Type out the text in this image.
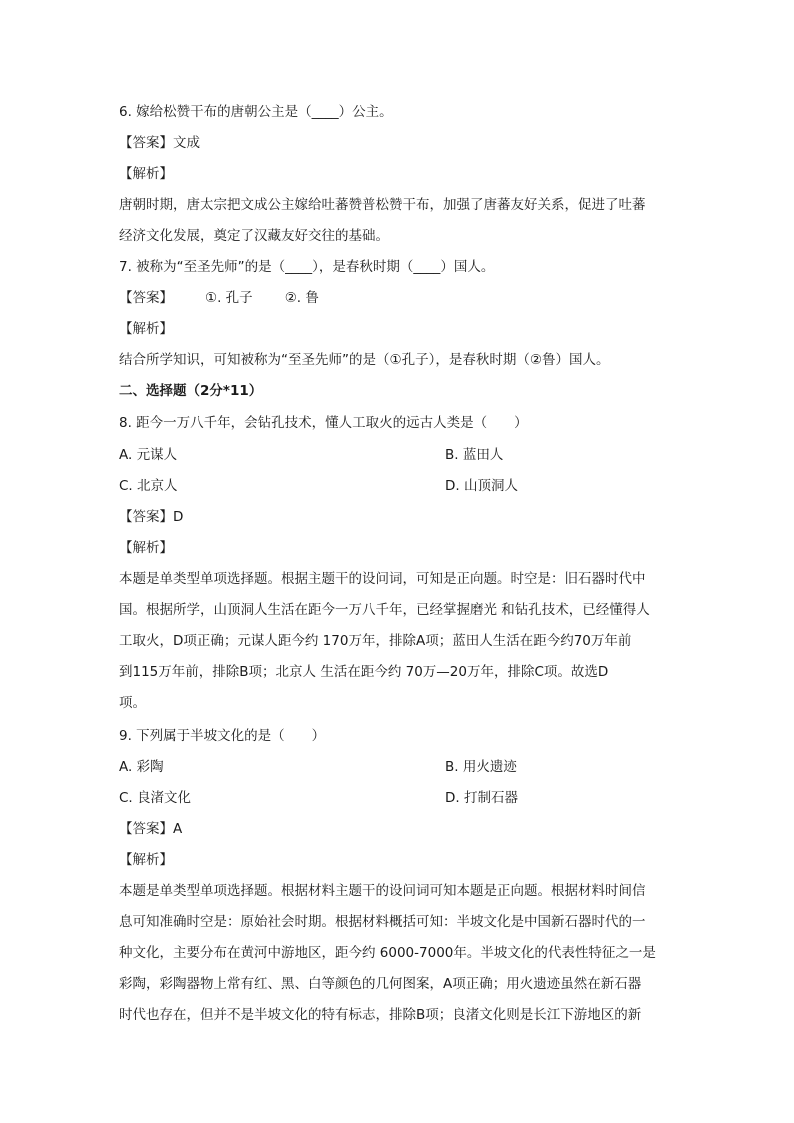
6. 嫁给松赞干布的唐朝公主是（____）公主。
【答案】文成
【解析】
唐朝时期，唐太宗把文成公主嫁给吐蕃赞普松赞干布，加强了唐蕃友好关系，促进了吐蕃
经济文化发展，奠定了汉藏友好交往的基础。
7. 被称为“至圣先师”的是（____），是春秋时期（____）国人。
【答案】 ①. 孔子 ②. 鲁
【解析】
结合所学知识，可知被称为“至圣先师”的是（①孔子），是春秋时期（②鲁）国人。
二、选择题（2分*11）
8. 距今一万八千年，会钻孔技术，懂人工取火的远古人类是（　　）
A. 元谋人	B. 蓝田人
C. 北京人	D. 山顶洞人
【答案】D
【解析】
本题是单类型单项选择题。根据主题干的设问词，可知是正向题。时空是：旧石器时代中
国。根据所学，山顶洞人生活在距今一万八千年，已经掌握磨光 和钻孔技术，已经懂得人
工取火，D项正确；元谋人距今约 170万年，排除A项；蓝田人生活在距今约70万年前
到115万年前，排除B项；北京人 生活在距今约 70万—20万年，排除C项。故选D
项。
9. 下列属于半坡文化的是（　　）
A. 彩陶	B. 用火遗迹
C. 良渚文化	D. 打制石器
【答案】A
【解析】
本题是单类型单项选择题。根据材料主题干的设问词可知本题是正向题。根据材料时间信
息可知准确时空是：原始社会时期。根据材料概括可知：半坡文化是中国新石器时代的一
种文化，主要分布在黄河中游地区，距今约 6000-7000年。半坡文化的代表性特征之一是
彩陶，彩陶器物上常有红、黑、白等颜色的几何图案，A项正确；用火遗迹虽然在新石器
时代也存在，但并不是半坡文化的特有标志，排除B项；良渚文化则是长江下游地区的新
